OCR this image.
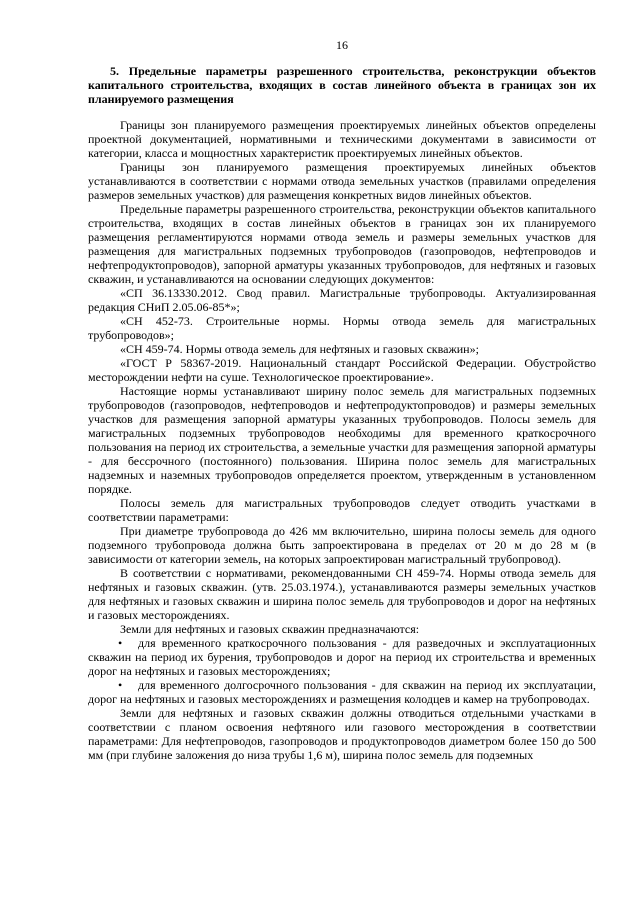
16
5. Предельные параметры разрешенного строительства, реконструкции объектов капитального строительства, входящих в состав линейного объекта в границах зон их планируемого размещения

Границы зон планируемого размещения проектируемых линейных объектов определены проектной документацией, нормативными и техническими документами в зависимости от категории, класса и мощностных характеристик проектируемых линейных объектов.

Границы зон планируемого размещения проектируемых линейных объектов устанавливаются в соответствии с нормами отвода земельных участков (правилами определения размеров земельных участков) для размещения конкретных видов линейных объектов.

Предельные параметры разрешенного строительства, реконструкции объектов капитального строительства, входящих в состав линейных объектов в границах зон их планируемого размещения регламентируются нормами отвода земель и размеры земельных участков для размещения для магистральных подземных трубопроводов (газопроводов, нефтепроводов и нефтепродуктопроводов), запорной арматуры указанных трубопроводов, для нефтяных и газовых скважин, и устанавливаются на основании следующих документов:

«СП 36.13330.2012. Свод правил. Магистральные трубопроводы. Актуализированная редакция СНиП 2.05.06-85*»;

«СН 452-73. Строительные нормы. Нормы отвода земель для магистральных трубопроводов»;

«СН 459-74. Нормы отвода земель для нефтяных и газовых скважин»;

«ГОСТ Р 58367-2019. Национальный стандарт Российской Федерации. Обустройство месторождении нефти на суше. Технологическое проектирование».

Настоящие нормы устанавливают ширину полос земель для магистральных подземных трубопроводов (газопроводов, нефтепроводов и нефтепродуктопроводов) и размеры земельных участков для размещения запорной арматуры указанных трубопроводов. Полосы земель для магистральных подземных трубопроводов необходимы для временного краткосрочного пользования на период их строительства, а земельные участки для размещения запорной арматуры - для бессрочного (постоянного) пользования. Ширина полос земель для магистральных надземных и наземных трубопроводов определяется проектом, утвержденным в установленном порядке.

Полосы земель для магистральных трубопроводов следует отводить участками в соответствии параметрами:

При диаметре трубопровода до 426 мм включительно, ширина полосы земель для одного подземного трубопровода должна быть запроектирована в пределах от 20 м до 28 м (в зависимости от категории земель, на которых запроектирован магистральный трубопровод).

В соответствии с нормативами, рекомендованными СН 459-74. Нормы отвода земель для нефтяных и газовых скважин. (утв. 25.03.1974.), устанавливаются размеры земельных участков для нефтяных и газовых скважин и ширина полос земель для трубопроводов и дорог на нефтяных и газовых месторождениях.

Земли для нефтяных и газовых скважин предназначаются:

• для временного краткосрочного пользования - для разведочных и эксплуатационных скважин на период их бурения, трубопроводов и дорог на период их строительства и временных дорог на нефтяных и газовых месторождениях;

• для временного долгосрочного пользования - для скважин на период их эксплуатации, дорог на нефтяных и газовых месторождениях и размещения колодцев и камер на трубопроводах.

Земли для нефтяных и газовых скважин должны отводиться отдельными участками в соответствии с планом освоения нефтяного или газового месторождения в соответствии параметрами: Для нефтепроводов, газопроводов и продуктопроводов диаметром более 150 до 500 мм (при глубине заложения до низа трубы 1,6 м), ширина полос земель для подземных
